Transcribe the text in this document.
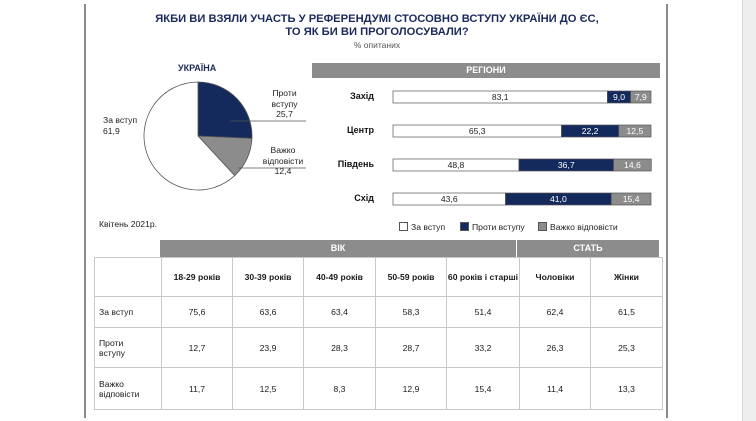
ЯКБИ ВИ ВЗЯЛИ УЧАСТЬ У РЕФЕРЕНДУМІ СТОСОВНО ВСТУПУ УКРАЇНИ ДО ЄС,
ТО ЯК БИ ВИ ПРОГОЛОСУВАЛИ?
% опитаних
УКРАЇНА
За вступ
61,9
Проти
вступу
25,7
Важко
відповісти
12,4
Квітень 2021р.
РЕГІОНИ
Захід
Центр
Південь
Схід
83,1	9,0 7,9
65,3	22,2	12,5
48,8	36,7	14,6
43,6	41,0	15,4
За вступ	Проти вступу	Важко відповісти
ВІК	СТАТЬ
	18-29 років	30-39 років	40-49 років	50-59 років	60 років і старші	Чоловіки	Жінки
За вступ	75,6	63,6	63,4	58,3	51,4	62,4	61,5
Проти вступу	12,7	23,9	28,3	28,7	33,2	26,3	25,3
Важко відповісти	11,7	12,5	8,3	12,9	15,4	11,4	13,3
